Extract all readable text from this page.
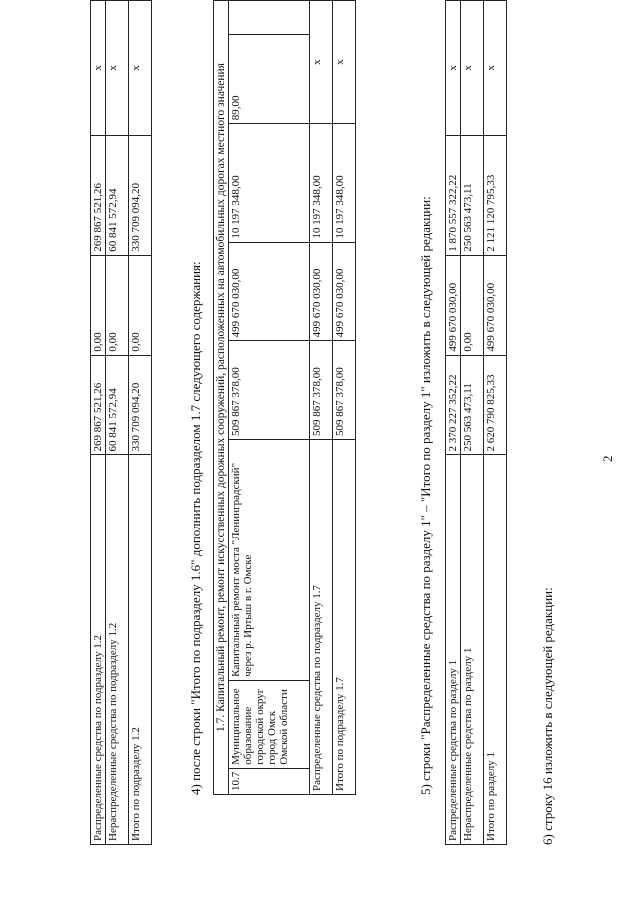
2
Распределенные средства по подразделу 1.2	269 867 521,26	0,00	269 867 521,26	x
Нераспределенные средства по подразделу 1.2	60 841 572,94	0,00	60 841 572,94	x
Итого по подразделу 1.2	330 709 094,20	0,00	330 709 094,20	x
4) после строки "Итого по подразделу 1.6" дополнить подразделом 1.7 следующего содержания: 1.7. Капитальный ремонт, ремонт искусственных дорожных сооружений, расположенных на автомобильных дорогах местного значения							
10.7	Муниципальное образование городской округ город Омск Омской области	Капитальный ремонт моста "Ленинградский" через р. Иртыш в г. Омске	509 867 378,00	499 670 030,00	10 197 348,00	89,00	
Распределенные средства по подразделу 1.7			509 867 378,00	499 670 030,00	10 197 348,00	x	
Итого по подразделу 1.7			509 867 378,00	499 670 030,00	10 197 348,00	x	
5) строки "Распределенные средства по разделу 1" – "Итого по разделу 1" изложить в следующей редакции: Распределенные средства по разделу 1	2 370 227 352,22	499 670 030,00	1 870 557 322,22	x
Нераспределенные средства по разделу 1	250 563 473,11	0,00	250 563 473,11	x
Итого по разделу 1	2 620 790 825,33	499 670 030,00	2 121 120 795,33	x
6) строку 16 изложить в следующей редакции:
